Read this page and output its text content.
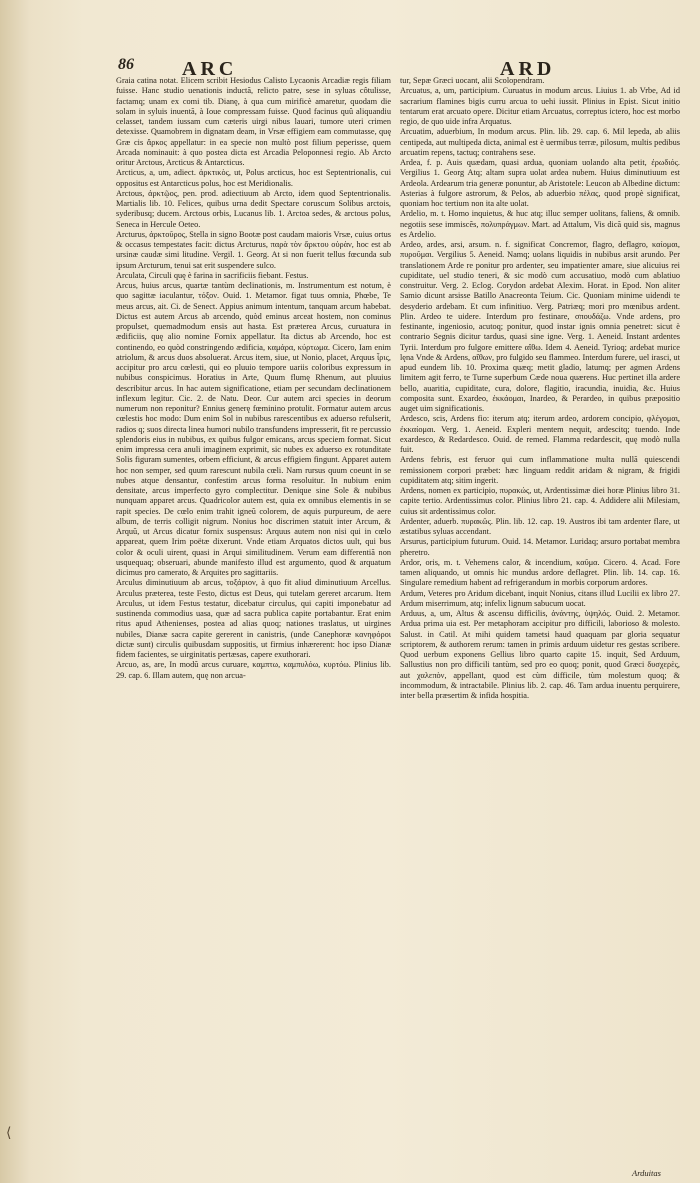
⟨
86 ARC	ARD

Graia catina notat. Elicem scribit Hesiodus Calisto Lycaonis Arcadiæ regis filiam fuisse. Hanc studio uenationis inductã, relicto patre, sese in syluas côtulisse, factamq; unam ex comi tib. Dianę, à qua cum mirificè amaretur, quodam die solam in syluis inuentã, à Ioue compressam fuisse. Quod facinus quû aliquandiu celasset, tandem iussam cum cæteris uirgi nibus lauari, tumore uteri crimen detexisse. Quamobrem in dignatam deam, in Vrsæ effigiem eam commutasse, quę Græ cis ἄρκος appellatur: in ea specie non multò post filium peperisse, quem Arcada nominauit: à quo postea dicta est Arcadia Peloponnesi regio. Ab Arcto oritur Arctous, Arcticus & Antarcticus.

Arcticus, a, um, adiect. ἀρκτικὸς, ut, Polus arcticus, hoc est Septentrionalis, cui oppositus est Antarcticus polus, hoc est Meridionalis.

Arctous, ἀρκτῷος, pen. prod. adiectiuum ab Arcto, idem quod Septentrionalis. Martialis lib. 10. Felices, quibus urna dedit Spectare coruscum Solibus arctois, syderibusq; ducem. Arctous orbis, Lucanus lib. 1. Arctoa sedes, & arctous polus, Seneca in Hercule Oeteo.

Arcturus, ἀρκτοῦρος, Stella in signo Bootæ post caudam maioris Vrsæ, cuius ortus & occasus tempestates facit: dictus Arcturus, παρὰ τὸν ἄρκτου οὐρὰν, hoc est ab ursinæ caudæ simi litudine. Vergil. 1. Georg. At si non fuerit tellus fœcunda sub ipsum Arcturum, tenui sat erit suspendere sulco.

Arculata, Circuli quę è farina in sacrificiis fiebant. Festus.

Arcus, huius arcus, quartæ tantùm declinationis, m. Instrumentum est notum, è quo sagittæ iaculantur, τόξον. Ouid. 1. Metamor. figat tuus omnia, Phœbe, Te meus arcus, ait. Ci. de Senect. Appius animum intentum, tanquam arcum habebat. Dictus est autem Arcus ab arcendo, quòd eminus arceat hostem, non cominus propulset, quemadmodum ensis aut hasta. Est præterea Arcus, curuatura in ædificiis, quę alio nomine Fornix appellatur. Ita dictus ab Arcendo, hoc est continendo, eo quòd constringendo ædificia, καμάρα, κύρτωμα. Cicero, Iam enim atriolum, & arcus duos absoluerat. Arcus item, siue, ut Nonio, placet, Arquus ἶρις, accipitur pro arcu cœlesti, qui eo pluuio tempore uariis coloribus expressum in nubibus conspicimus. Horatius in Arte, Quum flumę Rhenum, aut pluuius describitur arcus. In hac autem significatione, etiam per secundam declinationem inflexum legitur. Cic. 2. de Natu. Deor. Cur autem arci species in deorum numerum non reponitur? Ennius generę fœminino protulit. Formatur autem arcus cœlestis hoc modo: Dum enim Sol in nubibus rarescentibus ex aduerso refulserit, radios q; suos directa linea humori nubilo transfundens impresserit, fit re percussio splendoris eius in nubibus, ex quibus fulgor emicans, arcus speciem format. Sicut enim impressa cera anuli imaginem exprimit, sic nubes ex aduerso ex rotunditate Solis figuram sumentes, orbem efficiunt, & arcus effigiem fingunt. Apparet autem hoc non semper, sed quum rarescunt nubila cœli. Nam rursus quum coeunt in se nubes atque densantur, confestim arcus forma resoluitur. In nubium enim densitate, arcus imperfecto gyro complectitur. Denique sine Sole & nubibus nunquam apparet arcus. Quadricolor autem est, quia ex omnibus elementis in se rapit species. De cœlo enim trahit igneũ colorem, de aquis purpureum, de aere album, de terris colligit nigrum. Nonius hoc discrimen statuit inter Arcum, & Arquũ, ut Arcus dicatur fornix suspensus: Arquus autem non nisi qui in cœlo appareat, quem Irim poëtæ dixerunt. Vnde etiam Arquatos dictos uult, qui bus color & oculi uirent, quasi in Arqui similitudinem. Verum eam differentiã non usquequaq; obseruari, abunde manifesto illud est argumento, quod & arquatum dicimus pro camerato, & Arquites pro sagittariis.

Arculus diminutiuum ab arcus, τοξάριον, à quo fit aliud diminutiuum Arcellus. Arculus præterea, teste Festo, dictus est Deus, qui tutelam gereret arcarum. Item Arculus, ut idem Festus testatur, dicebatur circulus, qui capiti imponebatur ad sustinenda commodius uasa, quæ ad sacra publica capite portabantur. Erat enim ritus apud Athenienses, postea ad alias quoq; nationes traslatus, ut uirgines nubiles, Dianæ sacra capite gererent in canistris, (unde Canephoræ κανηφόροι dictæ sunt) circulis quibusdam suppositis, ut firmius inhærerent: hoc ipso Dianæ fidem facientes, se uirginitatis pertæsas, capere exuthorari.

Arcuo, as, are, In modũ arcus curuare, καμπτω, καμπυλόω, κυρτόω. Plinius lib. 29. cap. 6. Illam autem, quę non arcua-

tur, Sepæ Græci uocant, alii Scolopendram.

Arcuatus, a, um, participium. Curuatus in modum arcus. Liuius 1. ab Vrbe, Ad id sacrarium flamines bigis curru arcua to uehi iussit. Plinius in Epist. Sicut initio tentarum erat arcuato opere. Dicitur etiam Arcuatus, correptus ictero, hoc est morbo regio, de quo uide infra Arquatus.

Arcuatim, aduerbium, In modum arcus. Plin. lib. 29. cap. 6. Mil lepeda, ab aliis centipeda, aut multipeda dicta, animal est è uermibus terræ, pilosum, multis pedibus arcuatim repens, tactuq; contrahens sese.

Ardea, f. p. Auis quædam, quasi ardua, quoniam uolando alta petit, ἐρωδιός. Vergilius 1. Georg Atq; altam supra uolat ardea nubem. Huius diminutiuum est Ardeola. Ardearum tria generæ ponuntur, ab Aristotele: Leucon ab Albedine dictum: Asterias à fulgore astrorum, & Pelos, ab aduerbio πέλας, quod propè significat, quoniam hoc tertium non ita alte uolat.

Ardelio, m. t. Homo inquietus, & huc atq; illuc semper uolitans, faliens, & omnib. negotiis sese immiscẽs, πολυπράγμων. Mart. ad Attalum, Vis dicã quid sis, magnus es Ardelio.

Ardeo, ardes, arsi, arsum. n. f. significat Concremor, flagro, deflagro, καίομαι, πυροῦμαι. Vergilius 5. Aeneid. Namq; uolans liquidis in nubibus arsit arundo. Per translationem Arde re ponitur pro ardenter, seu impatienter amare, siue alicuius rei cupiditate, uel studio teneri, & sic modò cum accusatiuo, modò cum ablatiuo construitur. Verg. 2. Eclog. Corydon ardebat Alexim. Horat. in Epod. Non aliter Samio dicunt arsisse Batillo Anacreonta Teium. Cic. Quoniam minime uidendi te desyderio ardebam. Et cum infinitiuo. Verg. Patriæq; mori pro mœnibus ardent. Plin. Ardeo te uidere. Interdum pro festinare, σπουδάζω. Vnde ardens, pro festinante, ingeniosio, acutoq; ponitur, quod instar ignis omnia penetret: sicut è contrario Segnis dicitur tardus, quasi sine igne. Verg. 1. Aeneid. Instant ardentes Tyrii. Interdum pro fulgore emittere αἴθω. Idem 4. Aeneid. Tyrioq; ardebat murice lęna Vnde & Ardens, αἴθων, pro fulgido seu flammeo. Interdum furere, uel irasci, ut apud eundem lib. 10. Proxima quæq; metit gladio, latumq; per agmen Ardens limitem agit ferro, te Turne superbum Cæde noua quærens. Huc pertinet illa ardere bello, auaritia, cupiditate, cura, dolore, flagitio, iracundia, inuidia, &c. Huius composita sunt. Exardeo, ἐκκάομαι, Inardeo, & Perardeo, in quibus præpositio auget uim significationis.

Ardesco, scis, Ardens fio: iterum atq; iterum ardeo, ardorem concipio, φλέγομαι, ἐκκαίομαι. Verg. 1. Aeneid. Expleri mentem nequit, ardescitq; tuendo. Inde exardesco, & Redardesco. Ouid. de remed. Flamma redardescit, quę modò nulla fuit.

Ardens febris, est feruor qui cum inflammatione multa nullã quiescendi remissionem corpori præbet: hæc linguam reddit aridam & nigram, & frigidi cupiditatem atq; sitim ingerit.

Ardens, nomen ex participio, πυρακώς, ut, Ardentissimæ diei horæ Plinius libro 31. capite tertio. Ardentissimus color. Plinius libro 21. cap. 4. Addidere alii Milesiam, cuius sit ardentissimus color.

Ardenter, aduerb. πυρακῶς. Plin. lib. 12. cap. 19. Austros ibi tam ardenter flare, ut æstatibus syluas accendant.

Arsurus, participium futurum. Ouid. 14. Metamor. Luridaq; arsuro portabat membra pheretro.

Ardor, oris, m. t. Vehemens calor, & incendium, καῦμα. Cicero. 4. Acad. Fore tamen aliquando, ut omnis hic mundus ardore deflagret. Plin. lib. 14. cap. 16. Singulare remedium habent ad refrigerandum in morbis corporum ardores.

Ardum, Veteres pro Aridum dicebant, inquit Nonius, citans illud Lucilii ex libro 27. Ardum miserrimum, atq; infelix lignum sabucum uocat.

Arduus, a, um, Altus & ascensu difficilis, ἀνάντης, ὑψηλός. Ouid. 2. Metamor. Ardua prima uia est. Per metaphoram accipitur pro difficili, laborioso & molesto. Salust. in Catil. At mihi quidem tametsi haud quaquam par gloria sequatur scriptorem, & authorem rerum: tamen in primis arduum uidetur res gestas scribere. Quod uerbum exponens Gellius libro quarto capite 15. inquit, Sed Arduum, Sallustius non pro difficili tantùm, sed pro eo quoq; ponit, quod Græci δυσχερὲς, aut χαλεπὸν, appellant, quod est cùm difficile, tùm molestum quoq; & incommodum, & intractabile. Plinius lib. 2. cap. 46. Tam ardua inuentu perquirere, inter bella præsertim & infida hospitia.

Arduitas
